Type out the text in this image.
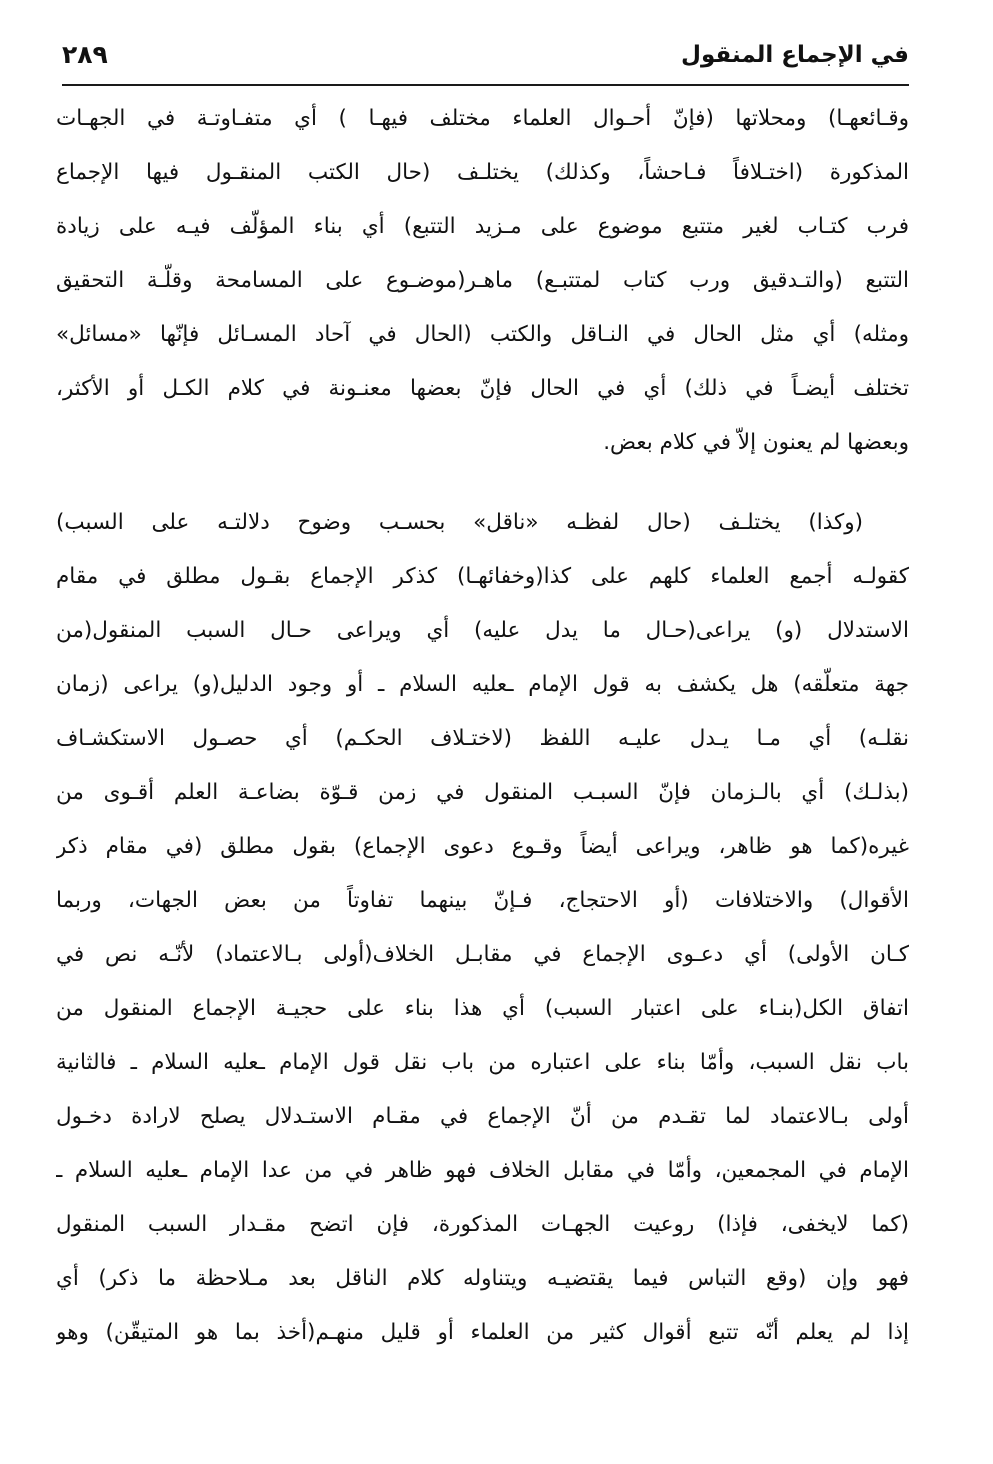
في الإجماع المنقول
٢٨٩
وقـائعهـا) ومحلاتها (فإنّ أحـوال العلماء مختلف فيهـا ) أي متفـاوتـة في الجهـات
المذكورة (اختـلافاً فـاحشاً، وكذلك) يختلـف (حال الكتب المنقـول فيها الإجماع
فرب كتـاب لغير متتبع موضوع على مـزيد التتبع) أي بناء المؤلّف فيـه على زيادة
التتبع (والتـدقيق ورب كتاب لمتتبـع) ماهـر(موضـوع على المسامحة وقلّـة التحقيق
ومثله) أي مثل الحال في النـاقل والكتب (الحال في آحاد المسـائل فإنّها «مسائل»
تختلف أيضـاً في ذلك) أي في الحال فإنّ بعضها معنـونة في كلام الكـل أو الأكثر،
وبعضها لم يعنون إلاّ في كلام بعض.
(وكذا) يختلـف (حال لفظـه «ناقل» بحسـب وضوح دلالتـه على السبب)
كقولـه أجمع العلماء كلهم على كذا(وخفائهـا) كذكر الإجماع بقـول مطلق في مقام
الاستدلال (و) يراعى(حـال ما يدل عليه) أي ويراعى حـال السبب المنقول(من
جهة متعلّقه) هل يكشف به قول الإمام ـعليه السلام ـ أو وجود الدليل(و) يراعى (زمان
نقلـه) أي مـا يـدل عليـه اللفظ (لاختـلاف الحكـم) أي حصـول الاستكشـاف
(بذلـك) أي بالـزمان فإنّ السبـب المنقول في زمن قـوّة بضاعـة العلم أقـوى من
غيره(كما هو ظاهر، ويراعى أيضاً وقـوع دعوى الإجماع) بقول مطلق (في مقام ذكر
الأقوال) والاختلافات (أو الاحتجاج، فـإنّ بينهما تفاوتاً من بعض الجهات، وربما
كـان الأولى) أي دعـوى الإجماع في مقابـل الخلاف(أولى بـالاعتماد) لأنّـه نص في
اتفاق الكل(بنـاء على اعتبار السبب) أي هذا بناء على حجيـة الإجماع المنقول من
باب نقل السبب، وأمّا بناء على اعتباره من باب نقل قول الإمام ـعليه السلام ـ فالثانية
أولى بـالاعتماد لما تقـدم من أنّ الإجماع في مقـام الاستـدلال يصلح لارادة دخـول
الإمام في المجمعين، وأمّا في مقابل الخلاف فهو ظاهر في من عدا الإمام ـعليه السلام ـ
(كما لايخفى، فإذا) روعيت الجهـات المذكورة، فإن اتضح مقـدار السبب المنقول
فهو وإن (وقع التباس فيما يقتضيـه ويتناوله كلام الناقل بعد مـلاحظة ما ذكر) أي
إذا لم يعلم أنّه تتبع أقوال كثير من العلماء أو قليل منهـم(أخذ بما هو المتيقّن) وهو
